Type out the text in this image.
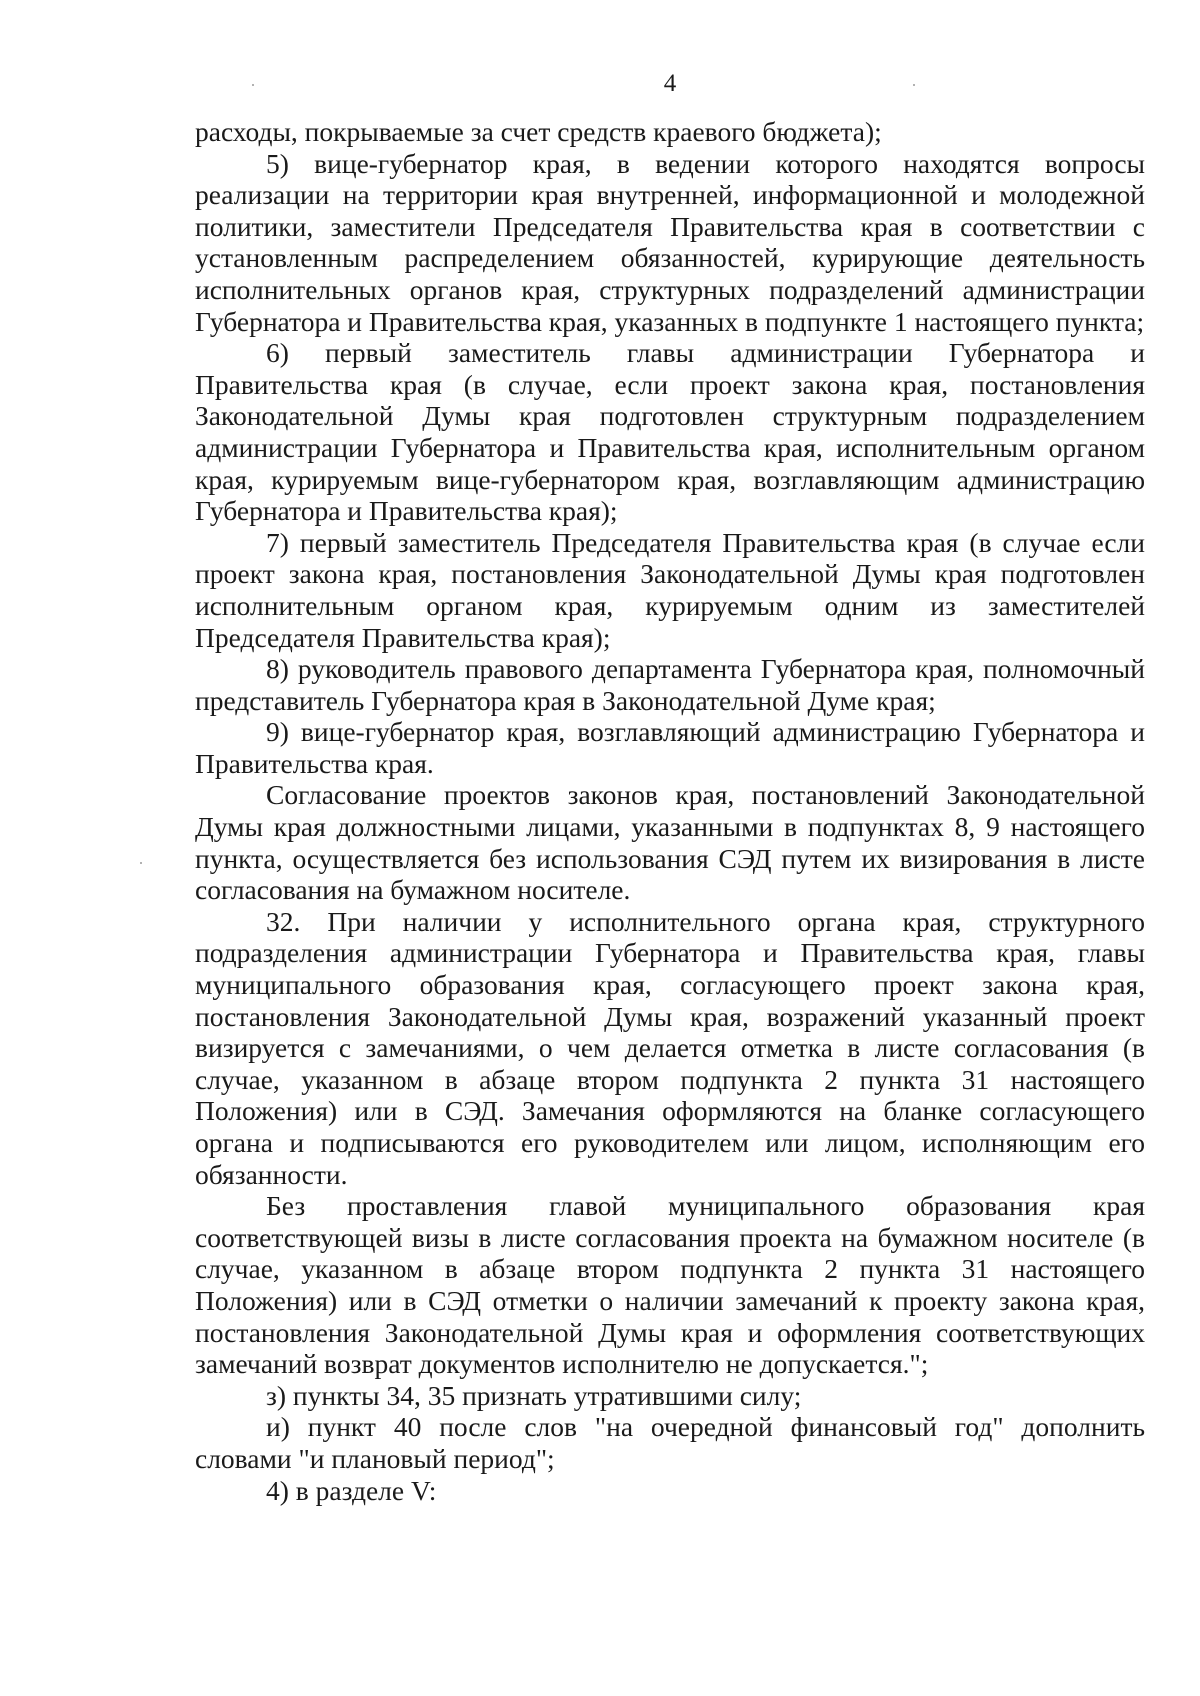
4

расходы, покрываемые за счет средств краевого бюджета);

5) вице-губернатор края, в ведении которого находятся вопросы реализации на территории края внутренней, информационной и молодежной политики, заместители Председателя Правительства края в соответствии с установленным распределением обязанностей, курирующие деятельность исполнительных органов края, структурных подразделений администрации Губернатора и Правительства края, указанных в подпункте 1 настоящего пункта;

6) первый заместитель главы администрации Губернатора и Правительства края (в случае, если проект закона края, постановления Законодательной Думы края подготовлен структурным подразделением администрации Губернатора и Правительства края, исполнительным органом края, курируемым вице-губернатором края, возглавляющим администрацию Губернатора и Правительства края);

7) первый заместитель Председателя Правительства края (в случае если проект закона края, постановления Законодательной Думы края подготовлен исполнительным органом края, курируемым одним из заместителей Председателя Правительства края);

8) руководитель правового департамента Губернатора края, полномочный представитель Губернатора края в Законодательной Думе края;

9) вице-губернатор края, возглавляющий администрацию Губернатора и Правительства края.

Согласование проектов законов края, постановлений Законодательной Думы края должностными лицами, указанными в подпунктах 8, 9 настоящего пункта, осуществляется без использования СЭД путем их визирования в листе согласования на бумажном носителе.

32. При наличии у исполнительного органа края, структурного подразделения администрации Губернатора и Правительства края, главы муниципального образования края, согласующего проект закона края, постановления Законодательной Думы края, возражений указанный проект визируется с замечаниями, о чем делается отметка в листе согласования (в случае, указанном в абзаце втором подпункта 2 пункта 31 настоящего Положения) или в СЭД. Замечания оформляются на бланке согласующего органа и подписываются его руководителем или лицом, исполняющим его обязанности.

Без проставления главой муниципального образования края соответствующей визы в листе согласования проекта на бумажном носителе (в случае, указанном в абзаце втором подпункта 2 пункта 31 настоящего Положения) или в СЭД отметки о наличии замечаний к проекту закона края, постановления Законодательной Думы края и оформления соответствующих замечаний возврат документов исполнителю не допускается.";

з) пункты 34, 35 признать утратившими силу;

и) пункт 40 после слов "на очередной финансовый год" дополнить словами "и плановый период";

4) в разделе V:
